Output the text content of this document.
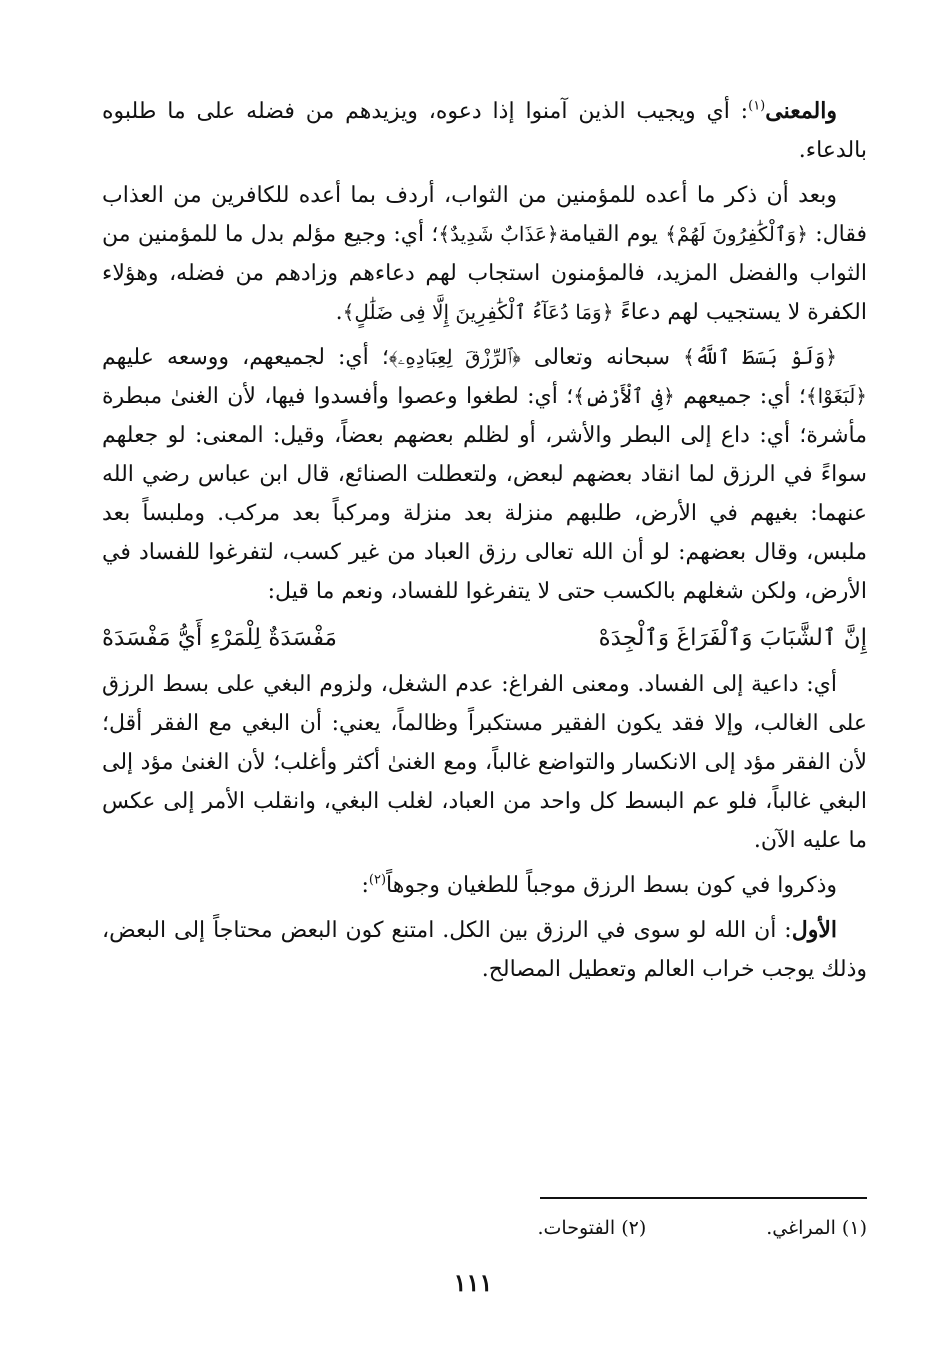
والمعنى$^{(١)}$: أي ويجيب الذين آمنوا إذا دعوه، ويزيدهم من فضله على ما طلبوه بالدعاء.

وبعد أن ذكر ما أعده للمؤمنين من الثواب، أردف بما أعده للكافرين من العذاب فقال: ﴿وَٱلْكَٰفِرُونَ لَهُمْ﴾ يوم القيامة﴿عَذَابٌ شَدِيدٌ﴾؛ أي: وجيع مؤلم بدل ما للمؤمنين من الثواب والفضل المزيد، فالمؤمنون استجاب لهم دعاءهم وزادهم من فضله، وهؤلاء الكفرة لا يستجيب لهم دعاءً ﴿وَمَا دُعَآءُ ٱلْكَٰفِرِينَ إِلَّا فِى ضَلَٰلٍ﴾.

﴿وَلَوْ بَسَطَ ٱللَّهُ﴾ سبحانه وتعالى ﴿ٱلرِّزْقَ لِعِبَادِهِۦ﴾؛ أي: لجميعهم، ووسعه عليهم ﴿لَبَغَوْا﴾؛ أي: جميعهم ﴿فِى ٱلْأَرْضِ﴾؛ أي: لطغوا وعصوا وأفسدوا فيها، لأن الغنىٰ مبطرة مأشرة؛ أي: داع إلى البطر والأشر، أو لظلم بعضهم بعضاً، وقيل: المعنى: لو جعلهم سواءً في الرزق لما انقاد بعضهم لبعض، ولتعطلت الصنائع، قال ابن عباس رضي الله عنهما: بغيهم في الأرض، طلبهم منزلة بعد منزلة ومركباً بعد مركب. وملبساً بعد ملبس، وقال بعضهم: لو أن الله تعالى رزق العباد من غير كسب، لتفرغوا للفساد في الأرض، ولكن شغلهم بالكسب حتى لا يتفرغوا للفساد، ونعم ما قيل:

إِنَّ ٱلشَّبَابَ وَٱلْفَرَاغَ وَٱلْجِدَهْ
مَفْسَدَةٌ لِلْمَرْءِ أَيُّ مَفْسَدَهْ

أي: داعية إلى الفساد. ومعنى الفراغ: عدم الشغل، ولزوم البغي على بسط الرزق على الغالب، وإلا فقد يكون الفقير مستكبراً وظالماً، يعني: أن البغي مع الفقر أقل؛ لأن الفقر مؤد إلى الانكسار والتواضع غالباً، ومع الغنىٰ أكثر وأغلب؛ لأن الغنىٰ مؤد إلى البغي غالباً، فلو عم البسط كل واحد من العباد، لغلب البغي، وانقلب الأمر إلى عكس ما عليه الآن.

وذكروا في كون بسط الرزق موجباً للطغيان وجوهاً$^{(٢)}$:

الأول: أن الله لو سوى في الرزق بين الكل. امتنع كون البعض محتاجاً إلى البعض، وذلك يوجب خراب العالم وتعطيل المصالح.

(١) المراغي.
(٢) الفتوحات.
١١١
